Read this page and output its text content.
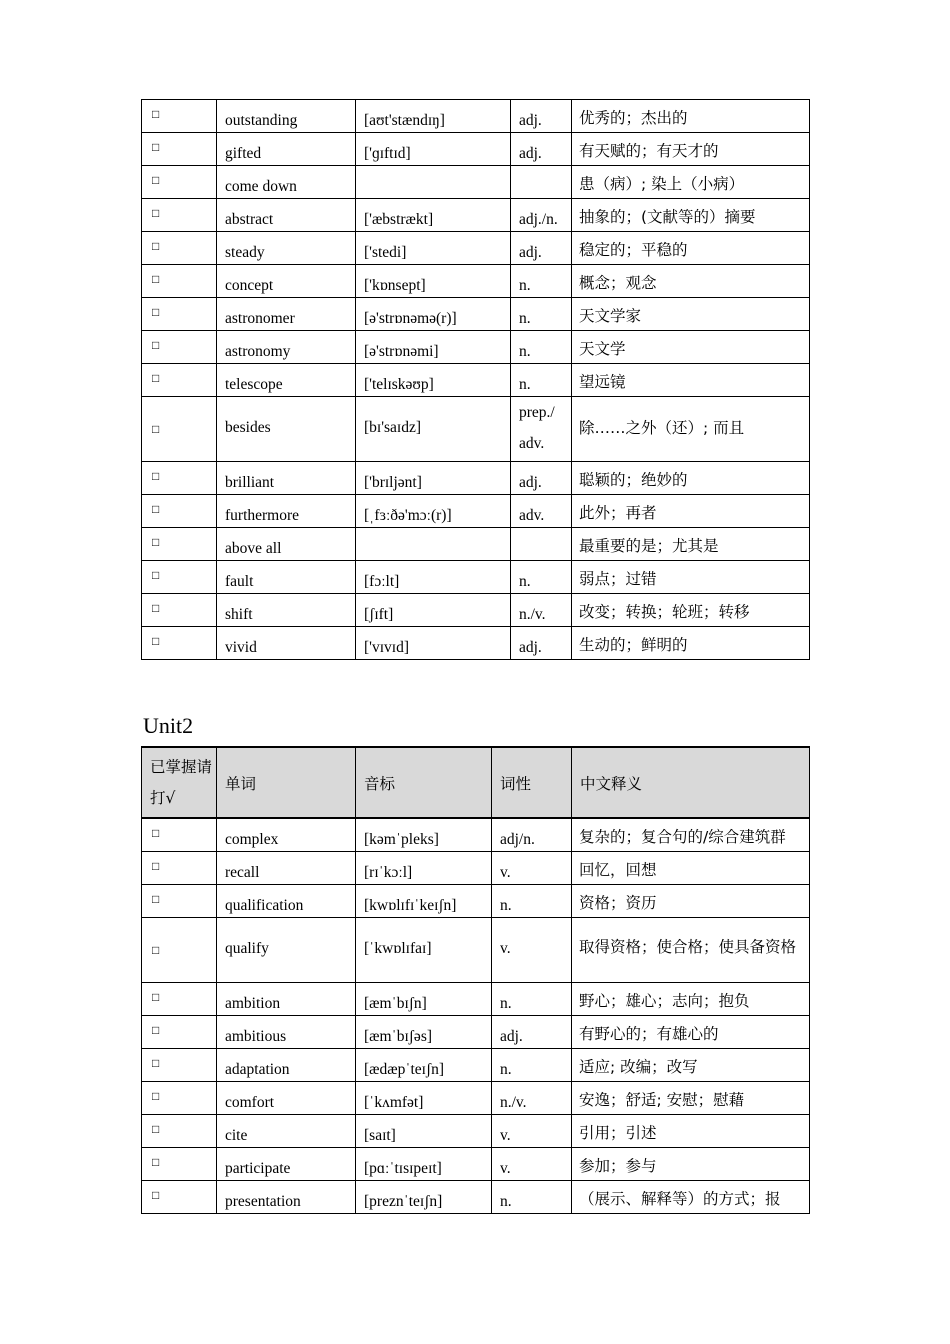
□	outstanding	[aʊt'stændɪŋ]	adj.	优秀的；杰出的
□	gifted	['ɡɪftɪd]	adj.	有天赋的；有天才的
□	come down			患（病）; 染上（小病）
□	abstract	['æbstrækt]	adj./n.	抽象的；(文献等的）摘要
□	steady	['stedi]	adj.	稳定的；平稳的
□	concept	['kɒnsept]	n.	概念；观念
□	astronomer	[ə'strɒnəmə(r)]	n.	天文学家
□	astronomy	[ə'strɒnəmi]	n.	天文学
□	telescope	['telɪskəʊp]	n.	望远镜
□	besides	[bɪ'saɪdz]	prep./ adv.	除……之外（还）; 而且
□	brilliant	['brɪljənt]	adj.	聪颖的；绝妙的
□	furthermore	[ˌfɜːðə'mɔː(r)]	adv.	此外；再者
□	above all			最重要的是；尤其是
□	fault	[fɔːlt]	n.	弱点；过错
□	shift	[ʃɪft]	n./v.	改变；转换；轮班；转移
□	vivid	['vɪvɪd]	adj.	生动的；鲜明的
Unit2
已掌握请打√	单词	音标	词性	中文释义
□	complex	[kəmˈpleks]	adj/n.	复杂的；复合句的/综合建筑群
□	recall	[rɪˈkɔːl]	v.	回忆，回想
□	qualification	[kwɒlɪfɪˈkeɪʃn]	n.	资格；资历
□	qualify	[ˈkwɒlɪfaɪ]	v.	取得资格；使合格；使具备资格
□	ambition	[æmˈbɪʃn]	n.	野心；雄心；志向；抱负
□	ambitious	[æmˈbɪʃəs]	adj.	有野心的；有雄心的
□	adaptation	[ædæpˈteɪʃn]	n.	适应; 改编；改写
□	comfort	[ˈkʌmfət]	n./v.	安逸；舒适; 安慰；慰藉
□	cite	[saɪt]	v.	引用；引述
□	participate	[pɑːˈtɪsɪpeɪt]	v.	参加；参与
□	presentation	[preznˈteɪʃn]	n.	（展示、解释等）的方式；报
